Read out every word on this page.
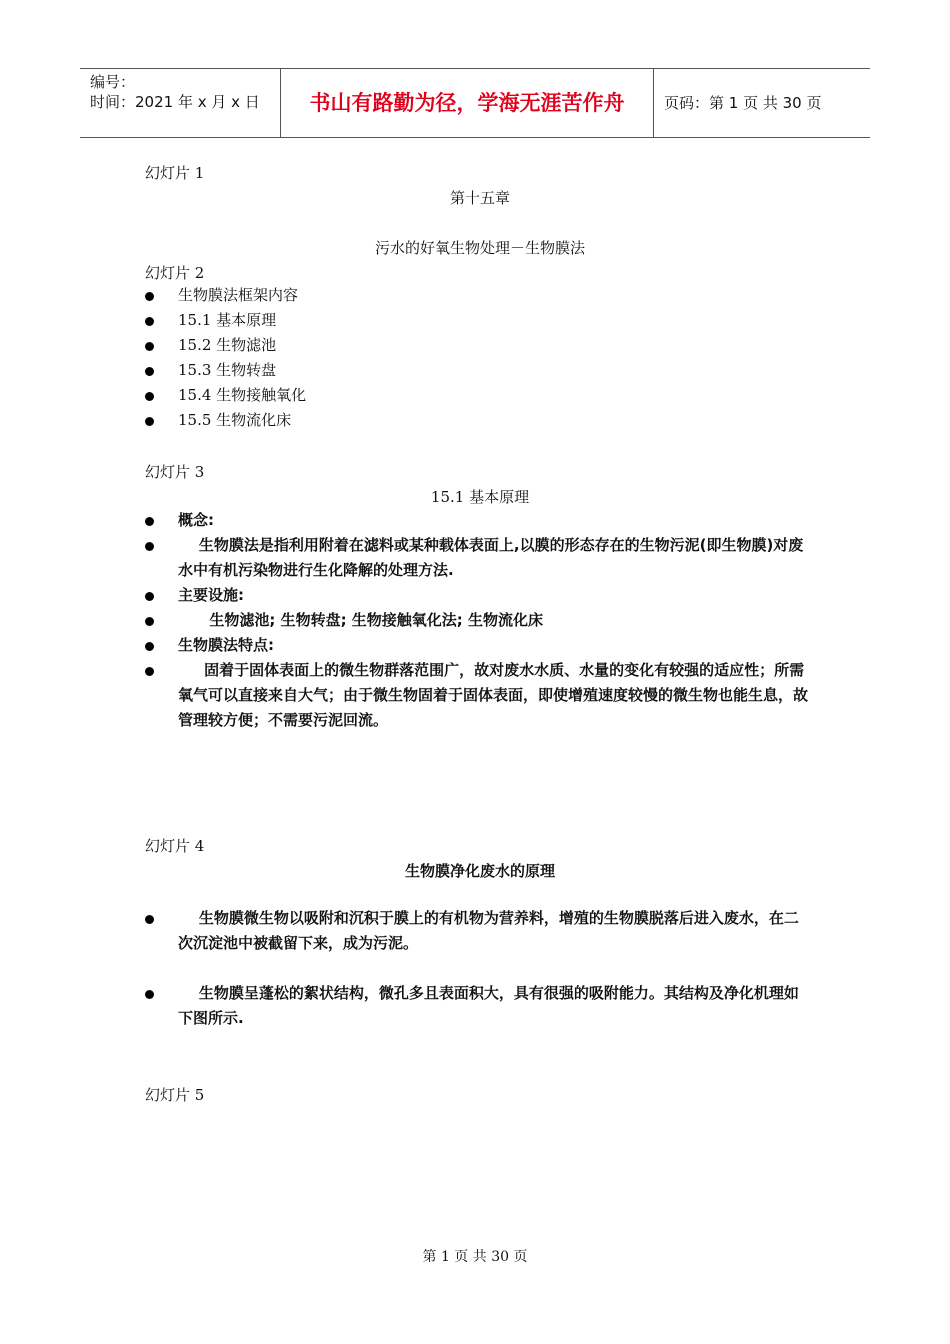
编号：
时间：2021 年 x 月 x 日	书山有路勤为径，学海无涯苦作舟	页码：第 1 页 共 30 页
幻灯片 1
第十五章
污水的好氧生物处理－生物膜法
幻灯片 2
生物膜法框架内容
15.1 基本原理
15.2 生物滤池
15.3 生物转盘
15.4 生物接触氧化
15.5 生物流化床
幻灯片 3
15.1 基本原理
概念:
生物膜法是指利用附着在滤料或某种载体表面上,以膜的形态存在的生物污泥(即生物膜)对废水中有机污染物进行生化降解的处理方法.
主要设施:
生物滤池; 生物转盘; 生物接触氧化法; 生物流化床
生物膜法特点:
固着于固体表面上的微生物群落范围广，故对废水水质、水量的变化有较强的适应性；所需氧气可以直接来自大气；由于微生物固着于固体表面，即使增殖速度较慢的微生物也能生息，故管理较方便；不需要污泥回流。
幻灯片 4
生物膜净化废水的原理
生物膜微生物以吸附和沉积于膜上的有机物为营养料，增殖的生物膜脱落后进入废水，在二次沉淀池中被截留下来，成为污泥。
生物膜呈蓬松的絮状结构，微孔多且表面积大，具有很强的吸附能力。其结构及净化机理如下图所示.
幻灯片 5
第 1 页 共 30 页
